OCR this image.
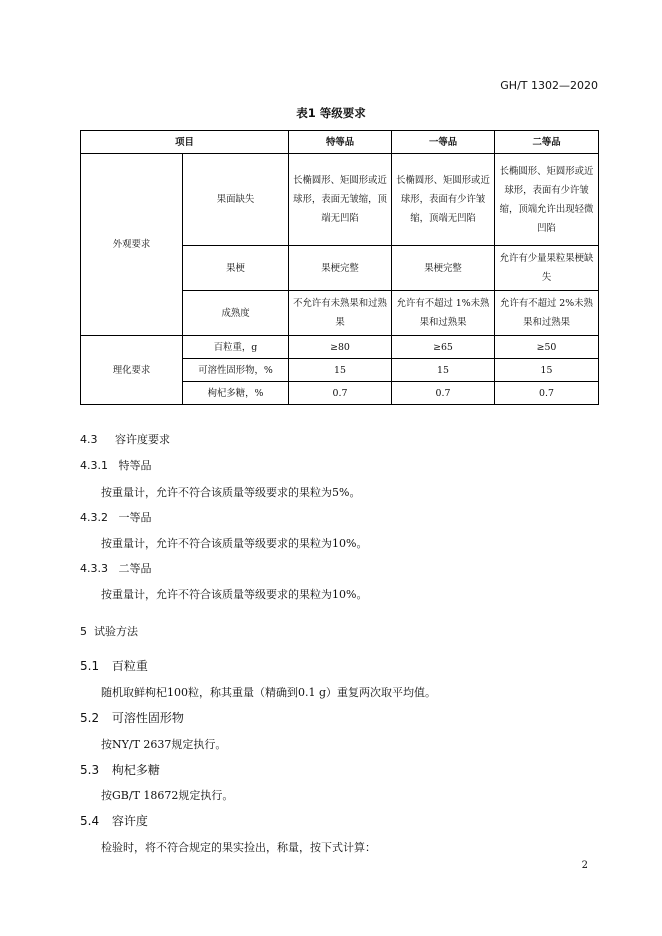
GH/T 1302—2020
表1 等级要求
项目		特等品	一等品	二等品
外观要求	果面缺失	长椭圆形、矩圆形或近球形，表面无皱缩，顶端无凹陷	长椭圆形、矩圆形或近球形，表面有少许皱缩，顶端无凹陷	长椭圆形、矩圆形或近球形，表面有少许皱缩，顶端允许出现轻微凹陷
	果梗	果梗完整	果梗完整	允许有少量果粒果梗缺失
	成熟度	不允许有未熟果和过熟果	允许有不超过 1%未熟果和过熟果	允许有不超过 2%未熟果和过熟果
理化要求	百粒重，g	≥80	≥65	≥50
	可溶性固形物，%	15	15	15
	枸杞多糖，%	0.7	0.7	0.7
4.3 容许度要求
4.3.1 特等品
按重量计，允许不符合该质量等级要求的果粒为5%。
4.3.2 一等品
按重量计，允许不符合该质量等级要求的果粒为10%。
4.3.3 二等品
按重量计，允许不符合该质量等级要求的果粒为10%。
5 试验方法
5.1 百粒重
随机取鲜枸杞100粒，称其重量（精确到0.1 g）重复两次取平均值。
5.2 可溶性固形物
按NY/T 2637规定执行。
5.3 枸杞多糖
按GB/T 18672规定执行。
5.4 容许度
检验时，将不符合规定的果实捡出，称量，按下式计算：
2
